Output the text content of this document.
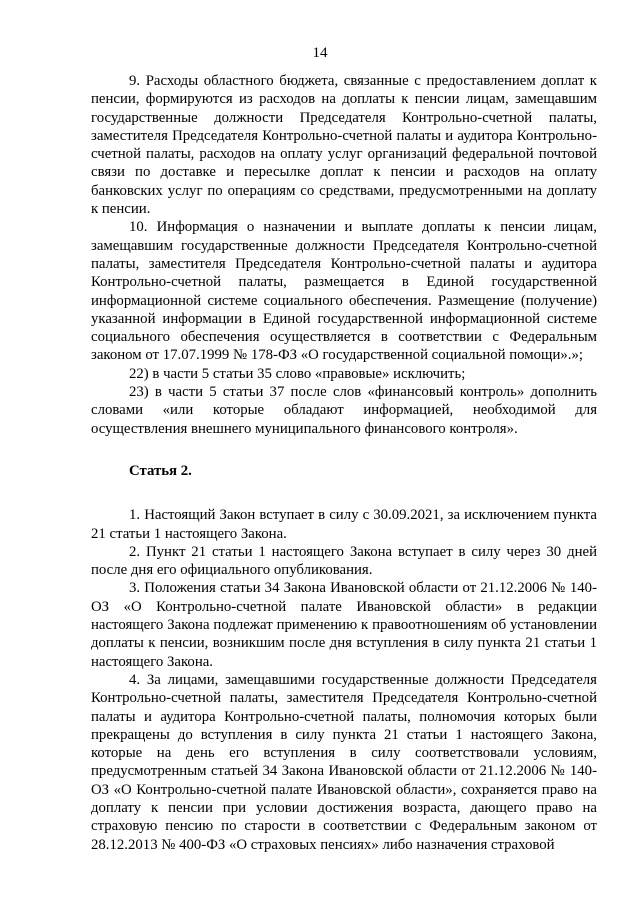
14

9. Расходы областного бюджета, связанные с предоставлением доплат к пенсии, формируются из расходов на доплаты к пенсии лицам, замещавшим государственные должности Председателя Контрольно-счетной палаты, заместителя Председателя Контрольно-счетной палаты и аудитора Контрольно-счетной палаты, расходов на оплату услуг организаций федеральной почтовой связи по доставке и пересылке доплат к пенсии и расходов на оплату банковских услуг по операциям со средствами, предусмотренными на доплату к пенсии.

10. Информация о назначении и выплате доплаты к пенсии лицам, замещавшим государственные должности Председателя Контрольно-счетной палаты, заместителя Председателя Контрольно-счетной палаты и аудитора Контрольно-счетной палаты, размещается в Единой государственной информационной системе социального обеспечения. Размещение (получение) указанной информации в Единой государственной информационной системе социального обеспечения осуществляется в соответствии с Федеральным законом от 17.07.1999 № 178-ФЗ «О государственной социальной помощи».»;

22) в части 5 статьи 35 слово «правовые» исключить;

23) в части 5 статьи 37 после слов «финансовый контроль» дополнить словами «или которые обладают информацией, необходимой для осуществления внешнего муниципального финансового контроля».

Статья 2.

1. Настоящий Закон вступает в силу с 30.09.2021, за исключением пункта 21 статьи 1 настоящего Закона.

2. Пункт 21 статьи 1 настоящего Закона вступает в силу через 30 дней после дня его официального опубликования.

3. Положения статьи 34 Закона Ивановской области от 21.12.2006 № 140-ОЗ «О Контрольно-счетной палате Ивановской области» в редакции настоящего Закона подлежат применению к правоотношениям об установлении доплаты к пенсии, возникшим после дня вступления в силу пункта 21 статьи 1 настоящего Закона.

4. За лицами, замещавшими государственные должности Председателя Контрольно-счетной палаты, заместителя Председателя Контрольно-счетной палаты и аудитора Контрольно-счетной палаты, полномочия которых были прекращены до вступления в силу пункта 21 статьи 1 настоящего Закона, которые на день его вступления в силу соответствовали условиям, предусмотренным статьей 34 Закона Ивановской области от 21.12.2006 № 140-ОЗ «О Контрольно-счетной палате Ивановской области», сохраняется право на доплату к пенсии при условии достижения возраста, дающего право на страховую пенсию по старости в соответствии с Федеральным законом от 28.12.2013 № 400-ФЗ «О страховых пенсиях» либо назначения страховой
